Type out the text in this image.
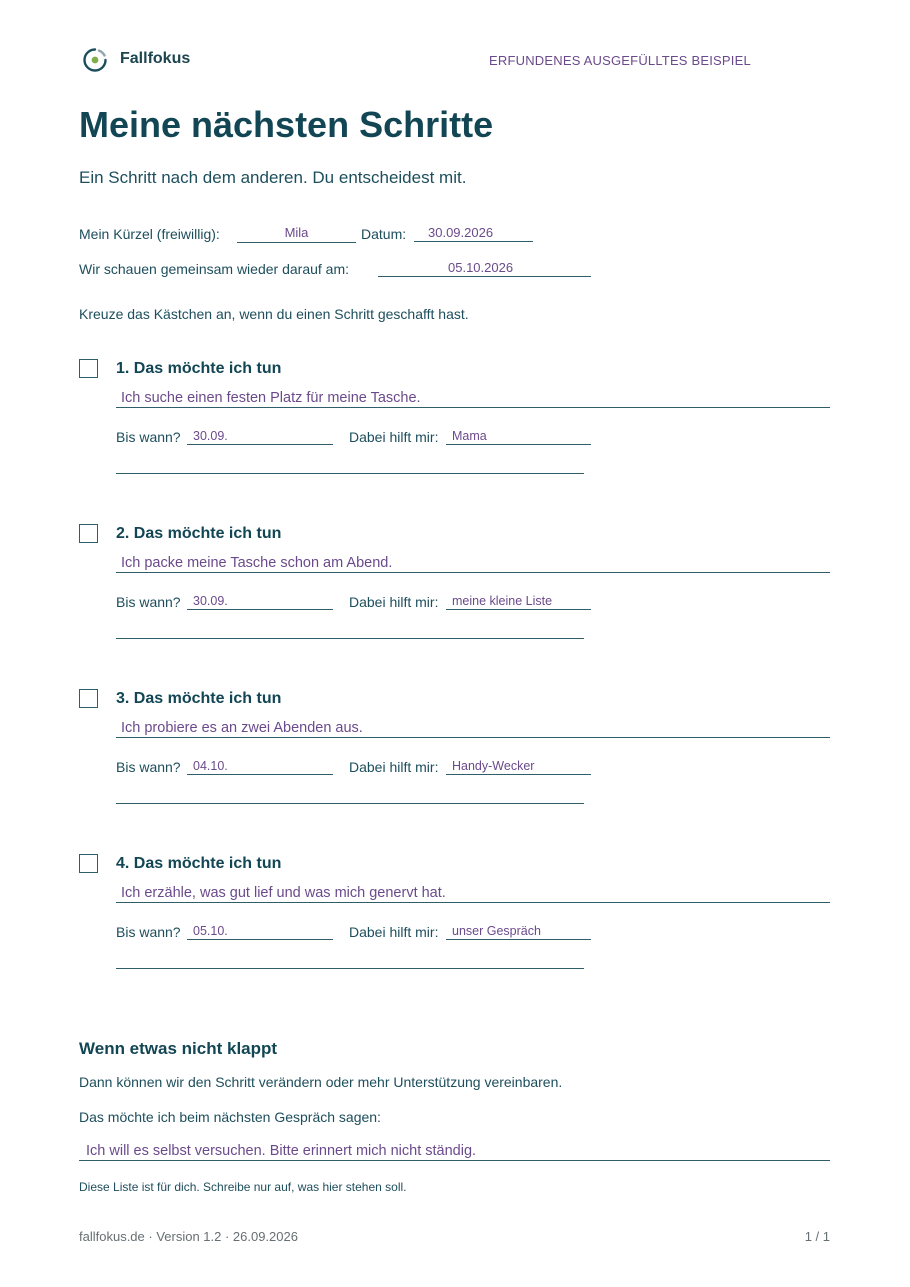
Fallfokus	ERFUNDENES AUSGEFÜLLTES BEISPIEL
Meine nächsten Schritte
Ein Schritt nach dem anderen. Du entscheidest mit.
Mein Kürzel (freiwillig):	Mila	Datum:	30.09.2026
Wir schauen gemeinsam wieder darauf am:	05.10.2026
Kreuze das Kästchen an, wenn du einen Schritt geschafft hast.
1. Das möchte ich tun
Ich suche einen festen Platz für meine Tasche.
Bis wann? 30.09.	Dabei hilft mir:	Mama
2. Das möchte ich tun
Ich packe meine Tasche schon am Abend.
Bis wann? 30.09.	Dabei hilft mir:	meine kleine Liste
3. Das möchte ich tun
Ich probiere es an zwei Abenden aus.
Bis wann? 04.10.	Dabei hilft mir:	Handy-Wecker
4. Das möchte ich tun
Ich erzähle, was gut lief und was mich genervt hat.
Bis wann? 05.10.	Dabei hilft mir:	unser Gespräch
Wenn etwas nicht klappt
Dann können wir den Schritt verändern oder mehr Unterstützung vereinbaren.
Das möchte ich beim nächsten Gespräch sagen:
Ich will es selbst versuchen. Bitte erinnert mich nicht ständig.
Diese Liste ist für dich. Schreibe nur auf, was hier stehen soll.
fallfokus.de · Version 1.2 · 26.09.2026	1 / 1
